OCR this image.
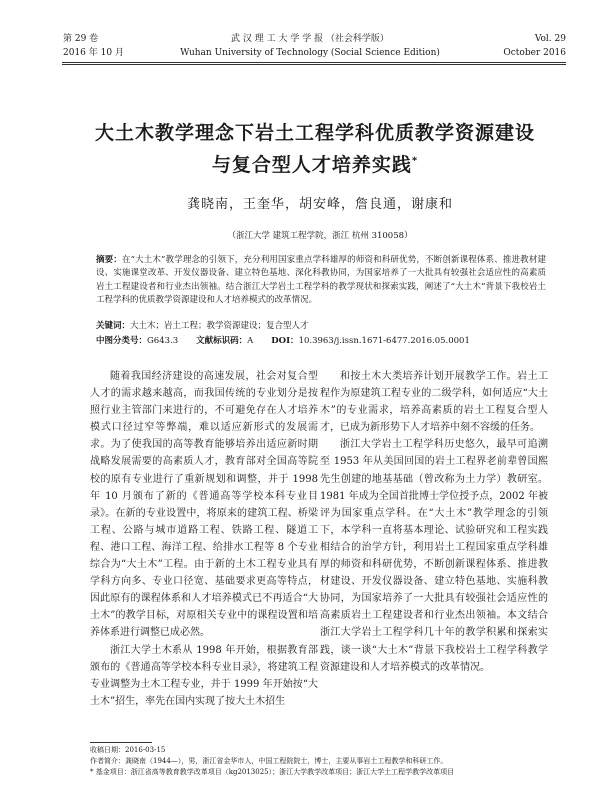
第 29 卷
2016 年 10 月
武 汉 理 工 大 学 学 报 （社会科学版）
Wuhan University of Technology (Social Science Edition)
Vol. 29
October 2016
大土木教学理念下岩土工程学科优质教学资源建设
与复合型人才培养实践*
龚晓南，王奎华，胡安峰，詹良通，谢康和
（浙江大学 建筑工程学院，浙江 杭州 310058）
摘要：在“大土木”教学理念的引领下，充分利用国家重点学科雄厚的师资和科研优势，不断创新课程体系、推进教材建设、实施课堂改革、开发仪器设备、建立特色基地、深化科教协同，为国家培养了一大批具有较强社会适应性的高素质岩土工程建设者和行业杰出领袖。结合浙江大学岩土工程学科的教学现状和探索实践，阐述了“大土木”背景下我校岩土工程学科的优质教学资源建设和人才培养模式的改革情况。
关键词：大土木；岩土工程；教学资源建设；复合型人才
中图分类号：G643.3 文献标识码：A DOI：10.3963/j.issn.1671-6477.2016.05.0001

随着我国经济建设的高速发展，社会对复合型人才的需求越来越高，而我国传统的专业划分是按照行业主管部门来进行的，不可避免存在人才培养模式口径过窄等弊端，难以适应新形式的发展需求。为了使我国的高等教育能够培养出适应新时期战略发展需要的高素质人才，教育部对全国高等院校的原有专业进行了重新规划和调整，并于 1998 年 10 月颁布了新的《普通高等学校本科专业目录》。在新的专业设置中，将原来的建筑工程、桥梁工程、公路与城市道路工程、铁路工程、隧道工程、港口工程、海洋工程、给排水工程等 8 个专业综合为“大土木”工程。由于新的土木工程专业具有学科方向多、专业口径宽、基础要求更高等特点，因此原有的课程体系和人才培养模式已不再适合“大土木”的教学目标，对原相关专业中的课程设置和培养体系进行调整已成必然。

浙江大学土木系从 1998 年开始，根据教育部颁布的《普通高等学校本科专业目录》，将建筑工程专业调整为土木工程专业，并于 1999 年开始按“大土木”招生，率先在国内实现了按大土木招生

和按土木大类培养计划开展教学工作。岩土工程作为原建筑工程专业的二级学科，如何适应“大土木”的专业需求，培养高素质的岩土工程复合型人才，已成为新形势下人才培养中刻不容缓的任务。

浙江大学岩土工程学科历史悠久，最早可追溯至 1953 年从美国回国的岩土工程界老前辈曾国熙先生创建的地基基础（曾改称为土力学）教研室。1981 年成为全国首批博士学位授予点，2002 年被评为国家重点学科。在“大土木”教学理念的引领下，本学科一直将基本理论、试验研究和工程实践相结合的治学方针，利用岩土工程国家重点学科雄厚的师资和科研优势，不断创新课程体系、推进教材建设、开发仪器设备、建立特色基地、实施科教协同，为国家培养了一大批具有较强社会适应性的高素质岩土工程建设者和行业杰出领袖。本文结合浙江大学岩土工程学科几十年的教学积累和探索实践，谈一谈“大土木”背景下我校岩土工程学科教学资源建设和人才培养模式的改革情况。

收稿日期：2016-03-15
作者简介：龚晓南（1944—），男，浙江省金华市人，中国工程院院士，博士，主要从事岩土工程教学和科研工作。
* 基金项目：浙江省高等教育教学改革项目（kg2013025）；浙江大学教学改革项目；浙江大学土工程学教学改革项目
